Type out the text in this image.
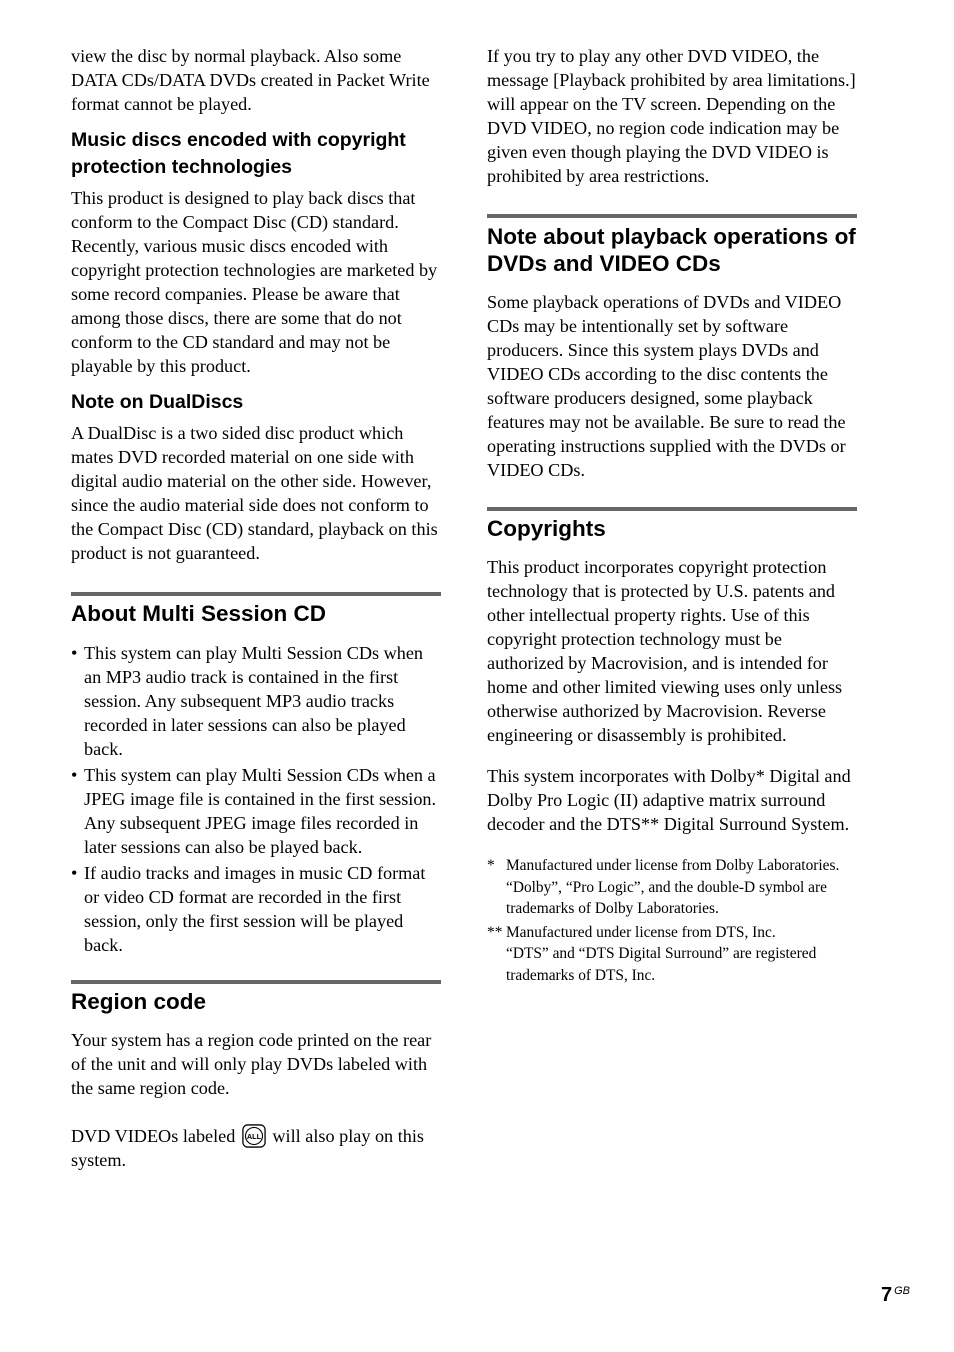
view the disc by normal playback. Also some DATA CDs/DATA DVDs created in Packet Write format cannot be played.

Music discs encoded with copyright protection technologies

This product is designed to play back discs that conform to the Compact Disc (CD) standard. Recently, various music discs encoded with copyright protection technologies are marketed by some record companies. Please be aware that among those discs, there are some that do not conform to the CD standard and may not be playable by this product.

Note on DualDiscs

A DualDisc is a two sided disc product which mates DVD recorded material on one side with digital audio material on the other side. However, since the audio material side does not conform to the Compact Disc (CD) standard, playback on this product is not guaranteed.

About Multi Session CD
• This system can play Multi Session CDs when an MP3 audio track is contained in the first session. Any subsequent MP3 audio tracks recorded in later sessions can also be played back.
• This system can play Multi Session CDs when a JPEG image file is contained in the first session. Any subsequent JPEG image files recorded in later sessions can also be played back.
• If audio tracks and images in music CD format or video CD format are recorded in the first session, only the first session will be played back.
Region code

Your system has a region code printed on the rear of the unit and will only play DVDs labeled with the same region code.

DVD VIDEOs labeled ALL will also play on this system.

If you try to play any other DVD VIDEO, the message [Playback prohibited by area limitations.] will appear on the TV screen. Depending on the DVD VIDEO, no region code indication may be given even though playing the DVD VIDEO is prohibited by area restrictions.

Note about playback operations of DVDs and VIDEO CDs

Some playback operations of DVDs and VIDEO CDs may be intentionally set by software producers. Since this system plays DVDs and VIDEO CDs according to the disc contents the software producers designed, some playback features may not be available. Be sure to read the operating instructions supplied with the DVDs or VIDEO CDs.

Copyrights

This product incorporates copyright protection technology that is protected by U.S. patents and other intellectual property rights. Use of this copyright protection technology must be authorized by Macrovision, and is intended for home and other limited viewing uses only unless otherwise authorized by Macrovision. Reverse engineering or disassembly is prohibited.

This system incorporates with Dolby* Digital and Dolby Pro Logic (II) adaptive matrix surround decoder and the DTS** Digital Surround System.

* Manufactured under license from Dolby Laboratories.
“Dolby”, “Pro Logic”, and the double-D symbol are trademarks of Dolby Laboratories.
** Manufactured under license from DTS, Inc.
“DTS” and “DTS Digital Surround” are registered trademarks of DTS, Inc.
7 $^{GB}$
